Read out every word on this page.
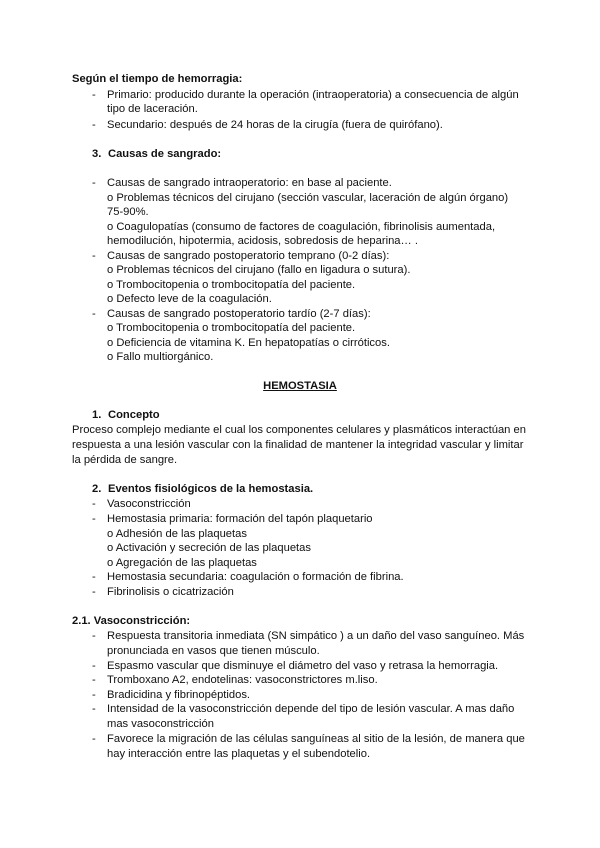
Según el tiempo de hemorragia:
-	Primario: producido durante la operación (intraoperatoria) a consecuencia de algún
tipo de laceración.
-	Secundario: después de 24 horas de la cirugía (fuera de quirófano).
3. Causas de sangrado:
-	Causas de sangrado intraoperatorio: en base al paciente.
o Problemas técnicos del cirujano (sección vascular, laceración de algún órgano)
75-90%.
o Coagulopatías (consumo de factores de coagulación, fibrinolisis aumentada,
hemodilución, hipotermia, acidosis, sobredosis de heparina… .
-	Causas de sangrado postoperatorio temprano (0-2 días):
o Problemas técnicos del cirujano (fallo en ligadura o sutura).
o Trombocitopenia o trombocitopatía del paciente.
o Defecto leve de la coagulación.
-	Causas de sangrado postoperatorio tardío (2-7 días):
o Trombocitopenia o trombocitopatía del paciente.
o Deficiencia de vitamina K. En hepatopatías o cirróticos.
o Fallo multiorgánico.
HEMOSTASIA
1. Concepto
Proceso complejo mediante el cual los componentes celulares y plasmáticos interactúan en
respuesta a una lesión vascular con la finalidad de mantener la integridad vascular y limitar
la pérdida de sangre.
2. Eventos fisiológicos de la hemostasia.
-	Vasoconstricción
-	Hemostasia primaria: formación del tapón plaquetario
o Adhesión de las plaquetas
o Activación y secreción de las plaquetas
o Agregación de las plaquetas
-	Hemostasia secundaria: coagulación o formación de fibrina.
-	Fibrinolisis o cicatrización
2.1. Vasoconstricción:
-	Respuesta transitoria inmediata (SN simpático ) a un daño del vaso sanguíneo. Más
pronunciada en vasos que tienen músculo.
-	Espasmo vascular que disminuye el diámetro del vaso y retrasa la hemorragia.
-	Tromboxano A2, endotelinas: vasoconstrictores m.liso.
-	Bradicidina y fibrinopéptidos.
-	Intensidad de la vasoconstricción depende del tipo de lesión vascular. A mas daño
mas vasoconstricción
-	Favorece la migración de las células sanguíneas al sitio de la lesión, de manera que
hay interacción entre las plaquetas y el subendotelio.
